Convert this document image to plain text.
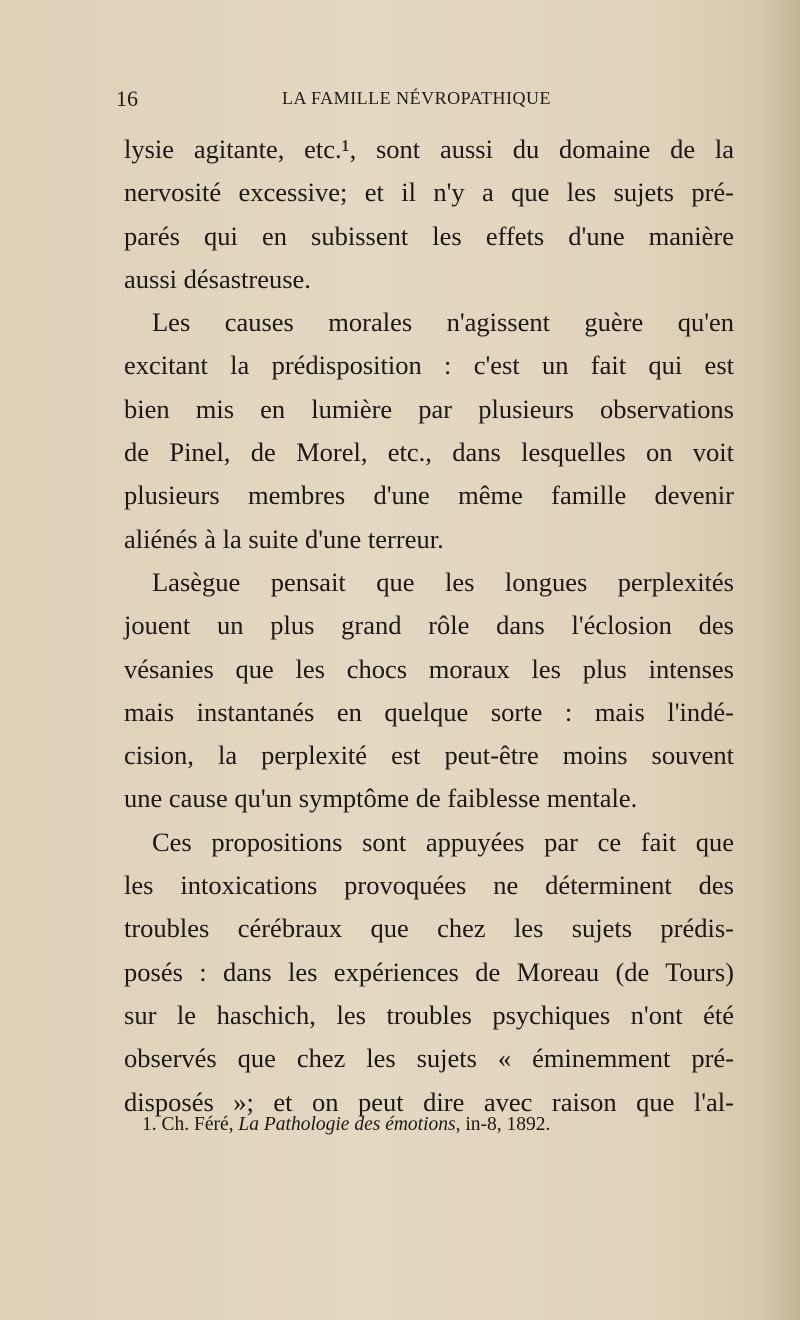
16	LA FAMILLE NÉVROPATHIQUE
lysie agitante, etc.¹, sont aussi du domaine de la
nervosité excessive; et il n'y a que les sujets pré-
parés qui en subissent les effets d'une manière
aussi désastreuse.
Les causes morales n'agissent guère qu'en
excitant la prédisposition : c'est un fait qui est
bien mis en lumière par plusieurs observations
de Pinel, de Morel, etc., dans lesquelles on voit
plusieurs membres d'une même famille devenir
aliénés à la suite d'une terreur.
Lasègue pensait que les longues perplexités
jouent un plus grand rôle dans l'éclosion des
vésanies que les chocs moraux les plus intenses
mais instantanés en quelque sorte : mais l'indé-
cision, la perplexité est peut-être moins souvent
une cause qu'un symptôme de faiblesse mentale.
Ces propositions sont appuyées par ce fait que
les intoxications provoquées ne déterminent des
troubles cérébraux que chez les sujets prédis-
posés : dans les expériences de Moreau (de Tours)
sur le haschich, les troubles psychiques n'ont été
observés que chez les sujets « éminemment pré-
disposés »; et on peut dire avec raison que l'al-
1. Ch. Féré, La Pathologie des émotions, in-8, 1892.
